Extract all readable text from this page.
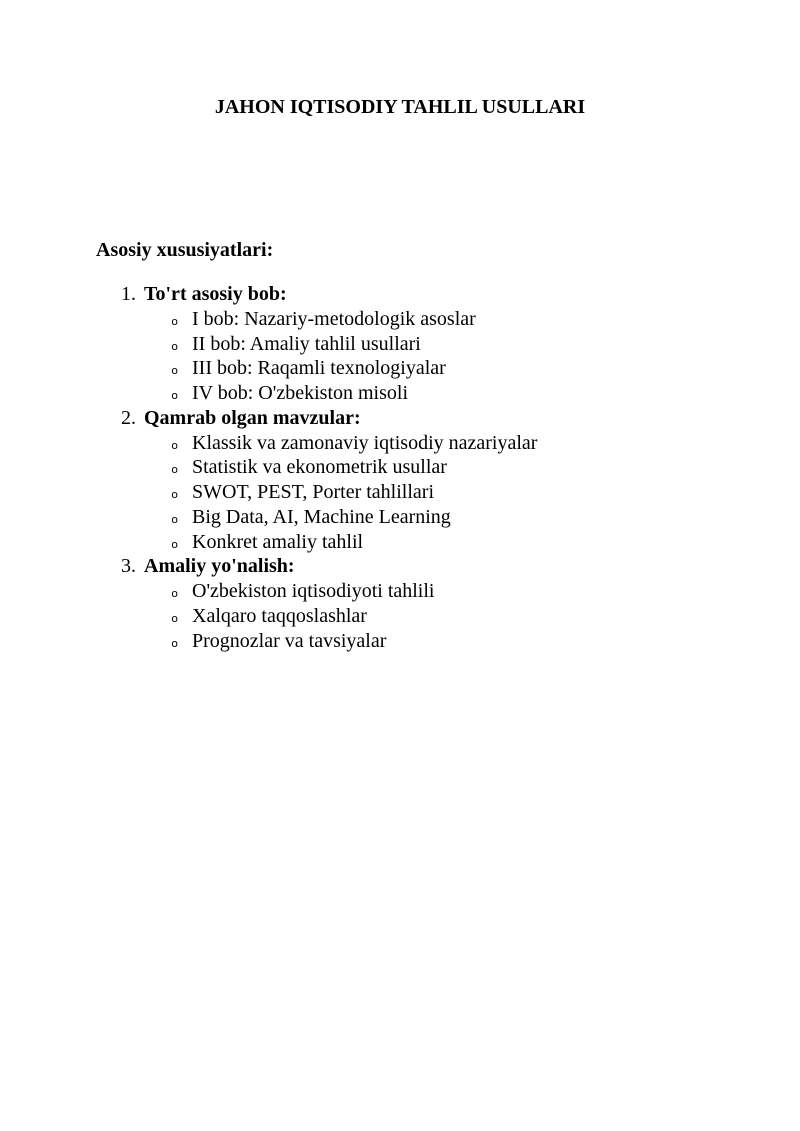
JAHON IQTISODIY TAHLIL USULLARI
Asosiy xususiyatlari:
1. To'rt asosiy bob:
o I bob: Nazariy-metodologik asoslar
o II bob: Amaliy tahlil usullari
o III bob: Raqamli texnologiyalar
o IV bob: O'zbekiston misoli
2. Qamrab olgan mavzular:
o Klassik va zamonaviy iqtisodiy nazariyalar
o Statistik va ekonometrik usullar
o SWOT, PEST, Porter tahlillari
o Big Data, AI, Machine Learning
o Konkret amaliy tahlil
3. Amaliy yo'nalish:
o O'zbekiston iqtisodiyoti tahlili
o Xalqaro taqqoslashlar
o Prognozlar va tavsiyalar
